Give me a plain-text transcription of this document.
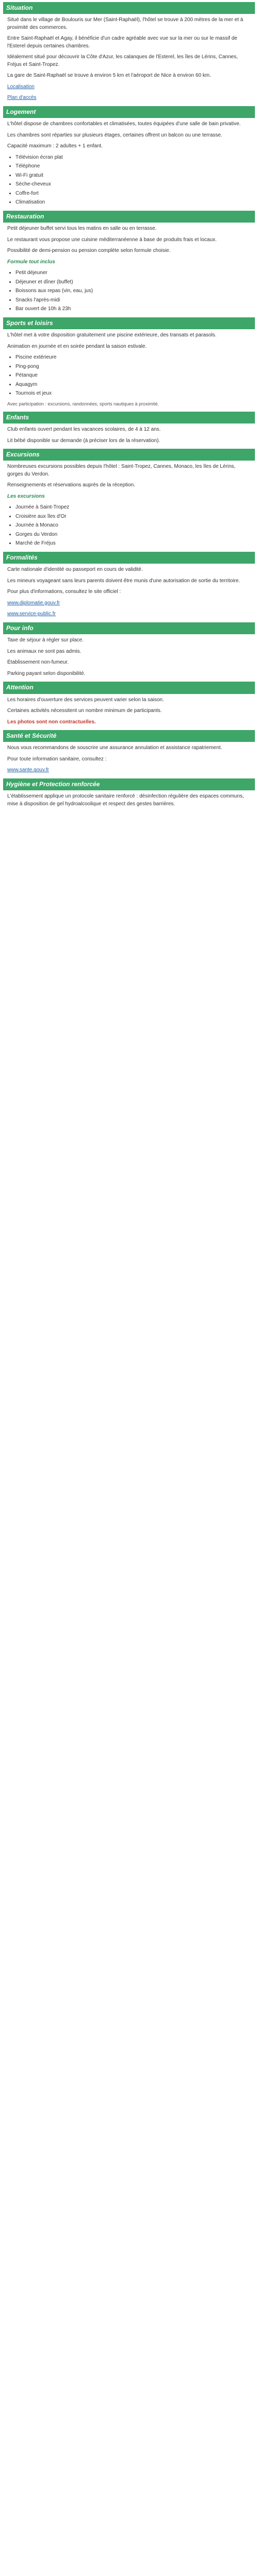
Situation

Situé dans le village de Boulouris sur Mer (Saint-Raphaël), l'hôtel se trouve à 200 mètres de la mer et à proximité des commerces.

Entre Saint-Raphaël et Agay, il bénéficie d'un cadre agréable avec vue sur la mer ou sur le massif de l'Esterel depuis certaines chambres.

Idéalement situé pour découvrir la Côte d'Azur, les calanques de l'Esterel, les îles de Lérins, Cannes, Fréjus et Saint-Tropez.

La gare de Saint-Raphaël se trouve à environ 5 km et l'aéroport de Nice à environ 60 km.

Localisation

Plan d'accès

Logement

L'hôtel dispose de chambres confortables et climatisées, toutes équipées d'une salle de bain privative.

Les chambres sont réparties sur plusieurs étages, certaines offrent un balcon ou une terrasse.

Capacité maximum : 2 adultes + 1 enfant.

• Télévision écran plat
• Téléphone
• Wi-Fi gratuit
• Sèche-cheveux
• Coffre-fort
• Climatisation
Restauration

Petit déjeuner buffet servi tous les matins en salle ou en terrasse.

Le restaurant vous propose une cuisine méditerranéenne à base de produits frais et locaux.

Possibilité de demi-pension ou pension complète selon formule choisie.

Formule tout inclus

• Petit déjeuner
• Déjeuner et dîner (buffet)
• Boissons aux repas (vin, eau, jus)
• Snacks l'après-midi
• Bar ouvert de 10h à 23h
Sports et loisirs

L'hôtel met à votre disposition gratuitement une piscine extérieure, des transats et parasols.

Animation en journée et en soirée pendant la saison estivale.

• Piscine extérieure
• Ping-pong
• Pétanque
• Aquagym
• Tournois et jeux

Avec participation : excursions, randonnées, sports nautiques à proximité.

Enfants

Club enfants ouvert pendant les vacances scolaires, de 4 à 12 ans.

Lit bébé disponible sur demande (à préciser lors de la réservation).

Excursions

Nombreuses excursions possibles depuis l'hôtel : Saint-Tropez, Cannes, Monaco, les îles de Lérins, gorges du Verdon.

Renseignements et réservations auprès de la réception.

Les excursions

• Journée à Saint-Tropez
• Croisière aux îles d'Or
• Journée à Monaco
• Gorges du Verdon
• Marché de Fréjus
Formalités

Carte nationale d'identité ou passeport en cours de validité.

Les mineurs voyageant sans leurs parents doivent être munis d'une autorisation de sortie du territoire.

Pour plus d'informations, consultez le site officiel :

www.diplomatie.gouv.fr

www.service-public.fr

Pour info

Taxe de séjour à régler sur place.

Les animaux ne sont pas admis.

Établissement non-fumeur.

Parking payant selon disponibilité.

Attention

Les horaires d'ouverture des services peuvent varier selon la saison.

Certaines activités nécessitent un nombre minimum de participants.

Les photos sont non contractuelles.

Santé et Sécurité

Nous vous recommandons de souscrire une assurance annulation et assistance rapatriement.

Pour toute information sanitaire, consultez :

www.sante.gouv.fr

Hygiène et Protection renforcée

L'établissement applique un protocole sanitaire renforcé : désinfection régulière des espaces communs, mise à disposition de gel hydroalcoolique et respect des gestes barrières.
